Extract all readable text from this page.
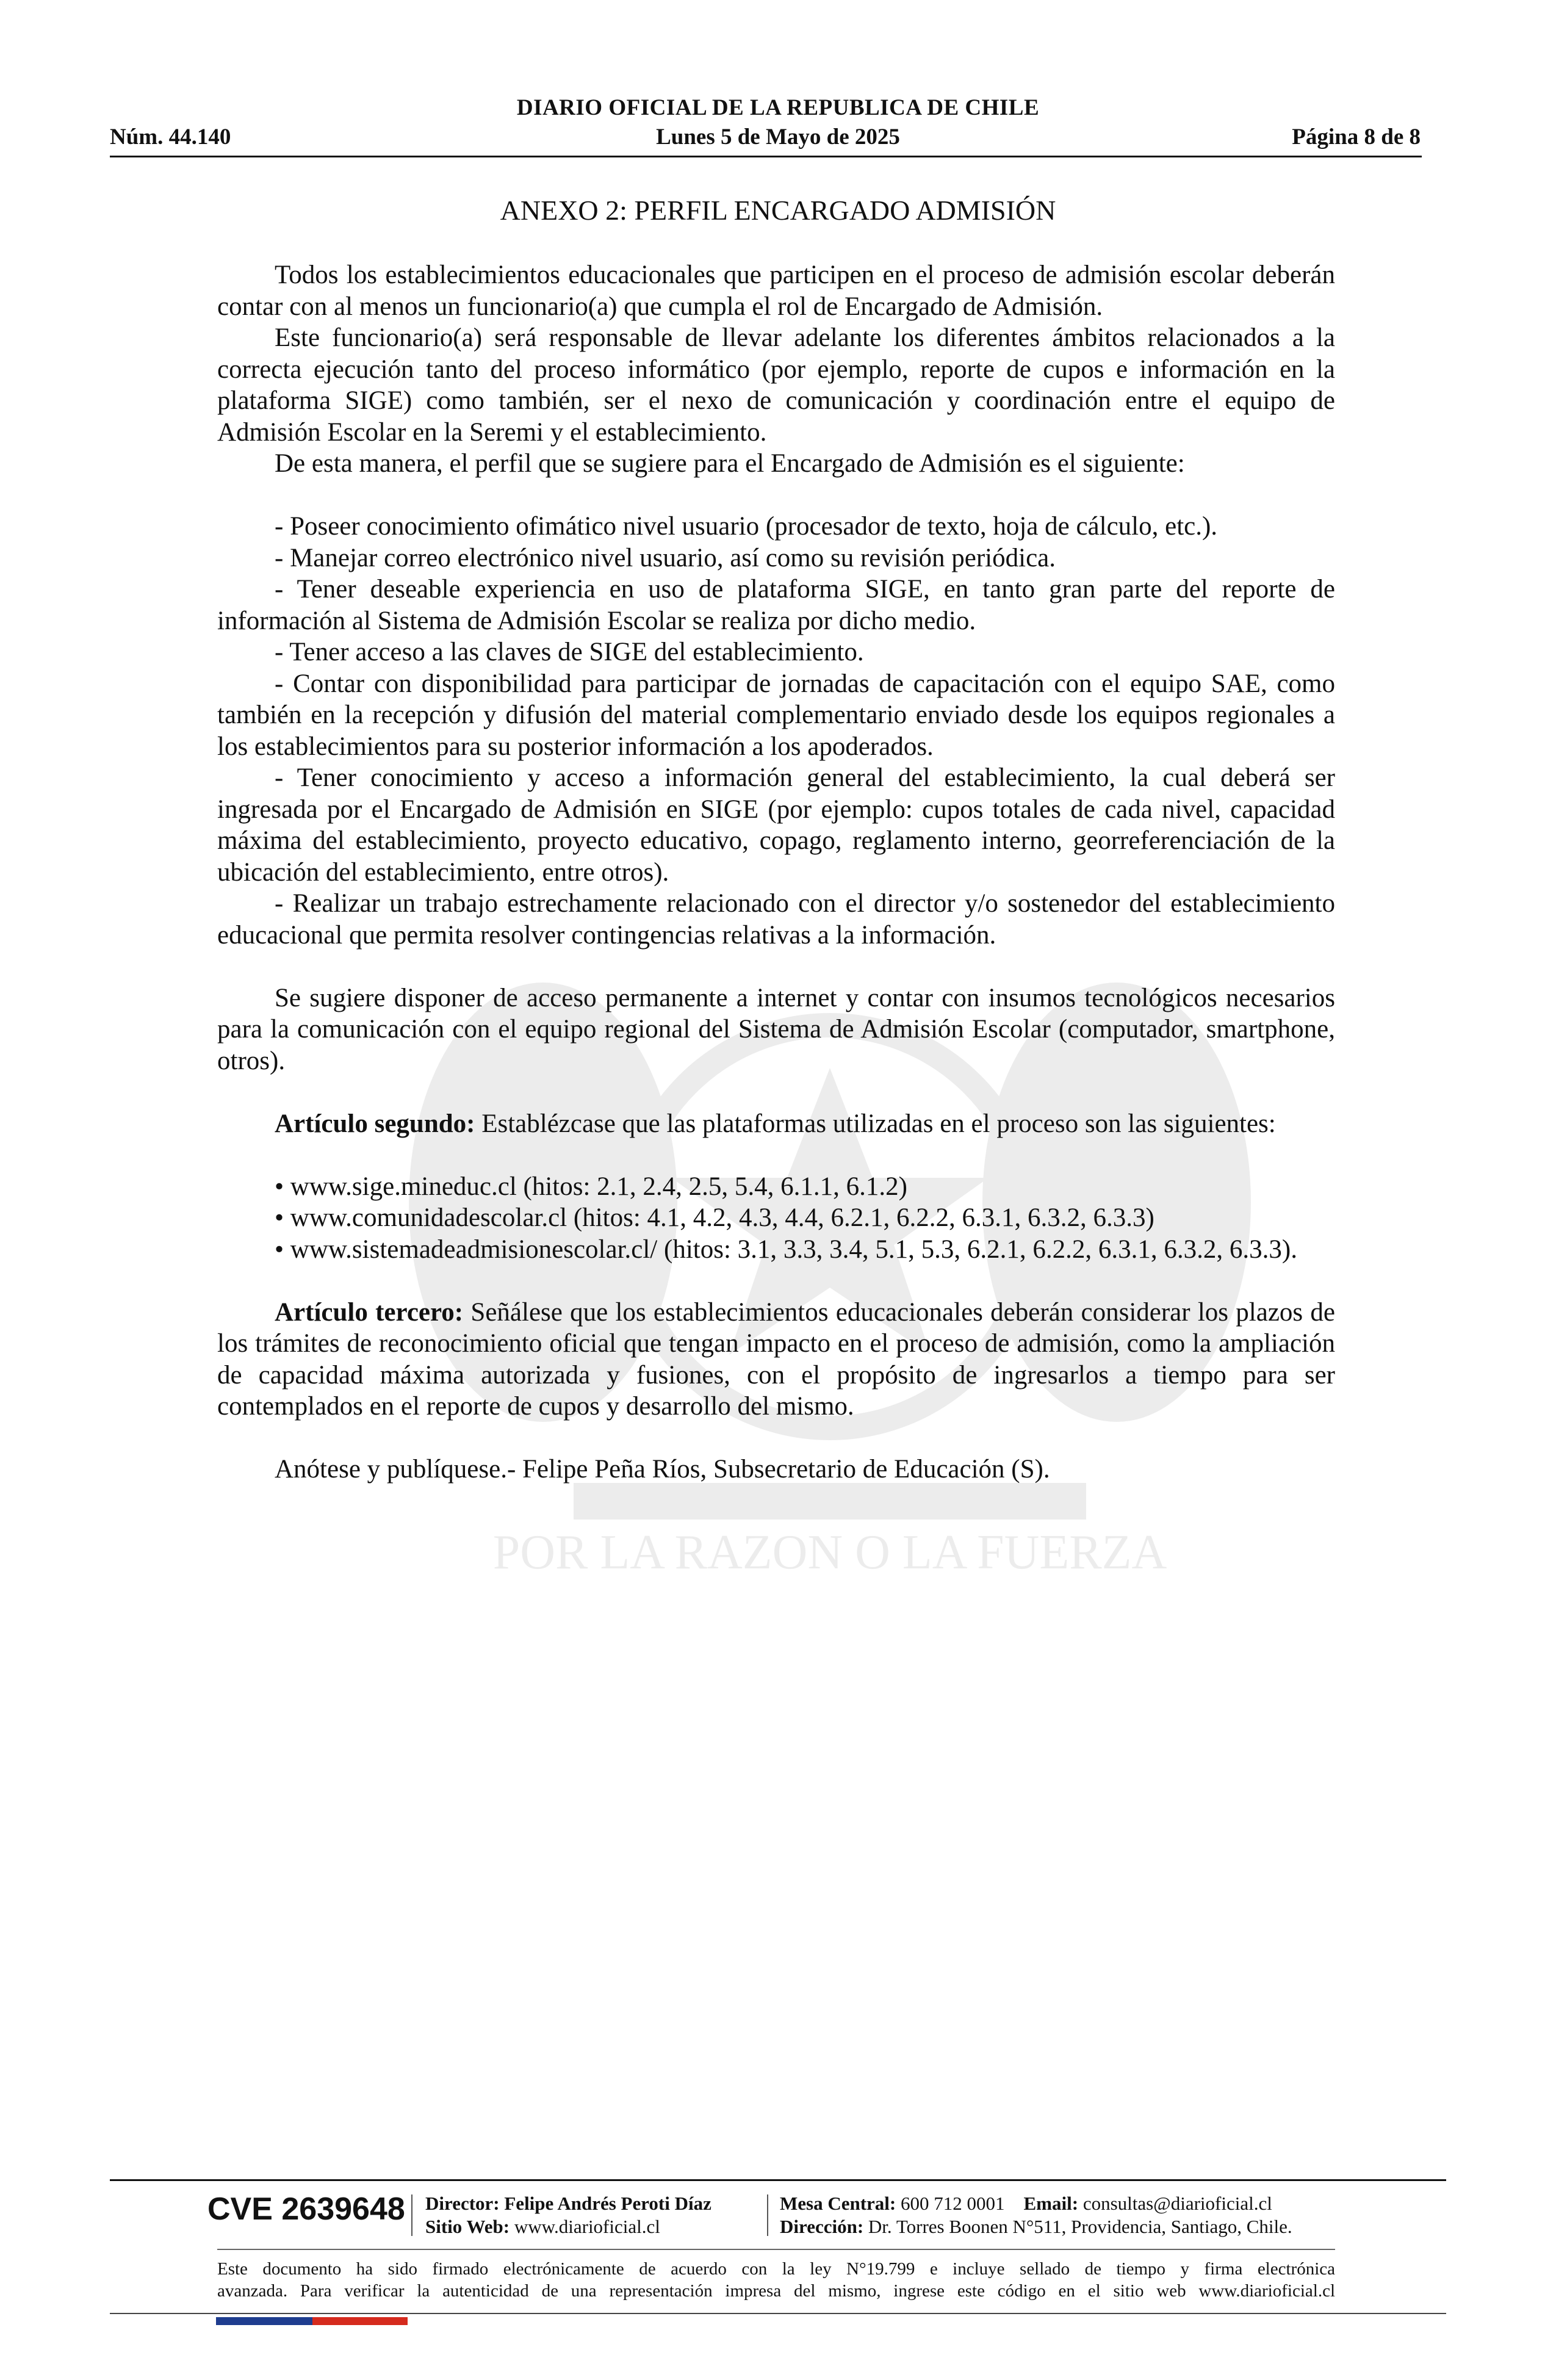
POR LA RAZON O LA FUERZA
DIARIO OFICIAL DE LA REPUBLICA DE CHILE
Núm. 44.140	Lunes 5 de Mayo de 2025	Página 8 de 8
ANEXO 2: PERFIL ENCARGADO ADMISIÓN

Todos los establecimientos educacionales que participen en el proceso de admisión escolar deberán contar con al menos un funcionario(a) que cumpla el rol de Encargado de Admisión.

Este funcionario(a) será responsable de llevar adelante los diferentes ámbitos relacionados a la correcta ejecución tanto del proceso informático (por ejemplo, reporte de cupos e información en la plataforma SIGE) como también, ser el nexo de comunicación y coordinación entre el equipo de Admisión Escolar en la Seremi y el establecimiento.

De esta manera, el perfil que se sugiere para el Encargado de Admisión es el siguiente:

- Poseer conocimiento ofimático nivel usuario (procesador de texto, hoja de cálculo, etc.).

- Manejar correo electrónico nivel usuario, así como su revisión periódica.

- Tener deseable experiencia en uso de plataforma SIGE, en tanto gran parte del reporte de información al Sistema de Admisión Escolar se realiza por dicho medio.

- Tener acceso a las claves de SIGE del establecimiento.

- Contar con disponibilidad para participar de jornadas de capacitación con el equipo SAE, como también en la recepción y difusión del material complementario enviado desde los equipos regionales a los establecimientos para su posterior información a los apoderados.

- Tener conocimiento y acceso a información general del establecimiento, la cual deberá ser ingresada por el Encargado de Admisión en SIGE (por ejemplo: cupos totales de cada nivel, capacidad máxima del establecimiento, proyecto educativo, copago, reglamento interno, georreferenciación de la ubicación del establecimiento, entre otros).

- Realizar un trabajo estrechamente relacionado con el director y/o sostenedor del establecimiento educacional que permita resolver contingencias relativas a la información.

Se sugiere disponer de acceso permanente a internet y contar con insumos tecnológicos necesarios para la comunicación con el equipo regional del Sistema de Admisión Escolar (computador, smartphone, otros).

Artículo segundo: Establézcase que las plataformas utilizadas en el proceso son las siguientes:

• www.sige.mineduc.cl (hitos: 2.1, 2.4, 2.5, 5.4, 6.1.1, 6.1.2)

• www.comunidadescolar.cl (hitos: 4.1, 4.2, 4.3, 4.4, 6.2.1, 6.2.2, 6.3.1, 6.3.2, 6.3.3)

• www.sistemadeadmisionescolar.cl/ (hitos: 3.1, 3.3, 3.4, 5.1, 5.3, 6.2.1, 6.2.2, 6.3.1, 6.3.2, 6.3.3).

Artículo tercero: Señálese que los establecimientos educacionales deberán considerar los plazos de los trámites de reconocimiento oficial que tengan impacto en el proceso de admisión, como la ampliación de capacidad máxima autorizada y fusiones, con el propósito de ingresarlos a tiempo para ser contemplados en el reporte de cupos y desarrollo del mismo.

Anótese y publíquese.- Felipe Peña Ríos, Subsecretario de Educación (S).

CVE 2639648 Director: Felipe Andrés Peroti Díaz
Sitio Web: www.diarioficial.cl
Mesa Central: 600 712 0001 Email: consultas@diarioficial.cl
Dirección: Dr. Torres Boonen N°511, Providencia, Santiago, Chile.
Este documento ha sido firmado electrónicamente de acuerdo con la ley N°19.799 e incluye sellado de tiempo y firma electrónica
avanzada. Para verificar la autenticidad de una representación impresa del mismo, ingrese este código en el sitio web www.diarioficial.cl
